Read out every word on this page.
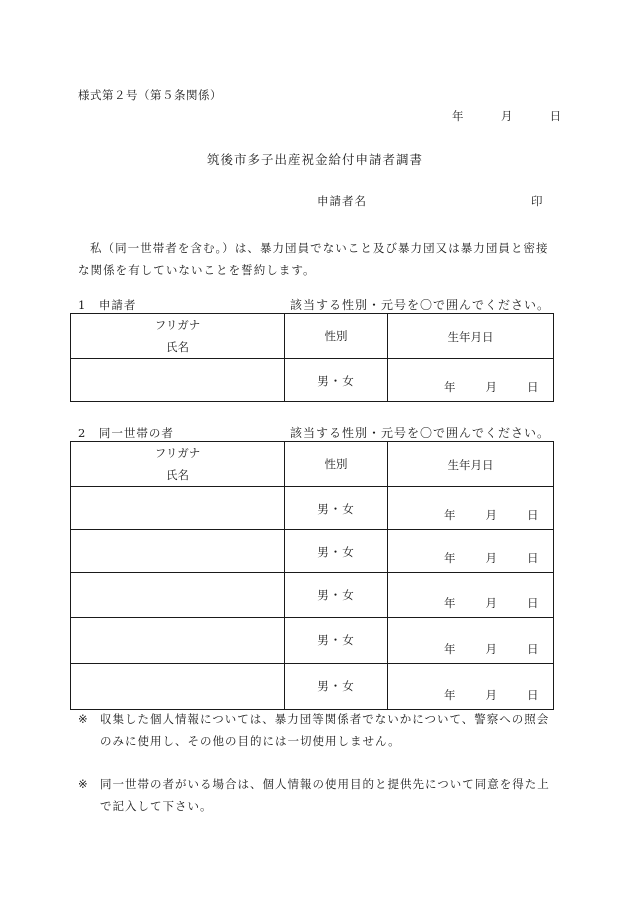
様式第２号（第５条関係）
年	月	日
筑後市多子出産祝金給付申請者調書
申請者名	印
私（同一世帯者を含む。）は、暴力団員でないこと及び暴力団又は暴力団員と密接な関係を有していないことを誓約します。
1　申請者	該当する性別・元号を〇で囲んでください。
フリガナ
氏名	性別	生年月日

	男・女	年 月 日
2　同一世帯の者	該当する性別・元号を〇で囲んでください。
フリガナ
氏名	性別	生年月日

	男・女	年 月 日

	男・女	年 月 日

	男・女	年 月 日

	男・女	年 月 日

	男・女	年 月 日
※ 収集した個人情報については、暴力団等関係者でないかについて、警察への照会のみに使用し、その他の目的には一切使用しません。
※ 同一世帯の者がいる場合は、個人情報の使用目的と提供先について同意を得た上で記入して下さい。
